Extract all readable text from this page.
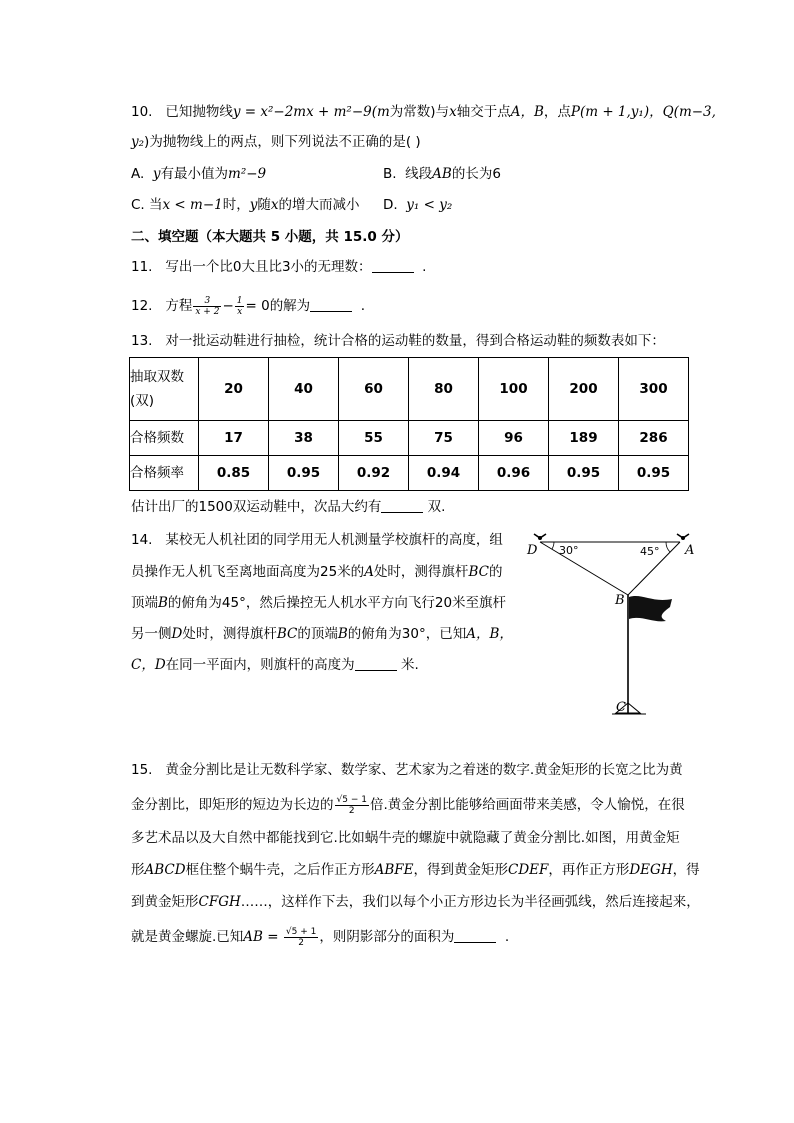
10. 已知抛物线y = x²−2mx + m²−9(m为常数)与x轴交于点A，B，点P(m + 1,y₁)，Q(m−3,
y₂)为抛物线上的两点，则下列说法不正确的是( )
A. y有最小值为m²−9	B. 线段AB的长为6
C. 当x < m−1时，y随x的增大而减小 D. y₁ < y₂
二、填空题（本大题共 5 小题，共 15.0 分）
11. 写出一个比0大且比3小的无理数：	.
12. 方程 $\frac{3}{x + 2} - \frac{1}{x} = 0$的解为	.
13. 对一批运动鞋进行抽检，统计合格的运动鞋的数量，得到合格运动鞋的频数表如下：
抽取双数(双)	20	40	60	80	100	200	300
合格频数	17	38	55	75	96	189	286
合格频率	0.85	0.95	0.92	0.94	0.96	0.95	0.95
估计出厂的1500双运动鞋中，次品大约有	双.
14. 某校无人机社团的同学用无人机测量学校旗杆的高度，组
员操作无人机飞至离地面高度为25米的A处时，测得旗杆BC的
顶端B的俯角为45°，然后操控无人机水平方向飞行20米至旗杆
另一侧D处时，测得旗杆BC的顶端B的俯角为30°，已知A，B，
C，D在同一平面内，则旗杆的高度为	米.
D	A
B
C
30°	45°
15. 黄金分割比是让无数科学家、数学家、艺术家为之着迷的数字.黄金矩形的长宽之比为黄
金分割比，即矩形的短边为长边的 $\frac{√5 - 1}{2}$ 倍.黄金分割比能够给画面带来美感，令人愉悦，在很
多艺术品以及大自然中都能找到它.比如蜗牛壳的螺旋中就隐藏了黄金分割比.如图，用黄金矩
形ABCD框住整个蜗牛壳，之后作正方形ABFE，得到黄金矩形CDEF，再作正方形DEGH，得
到黄金矩形CFGH……，这样作下去，我们以每个小正方形边长为半径画弧线，然后连接起来，
就是黄金螺旋.已知AB = $\frac{√5 + 1}{2}$ ，则阴影部分的面积为	.
